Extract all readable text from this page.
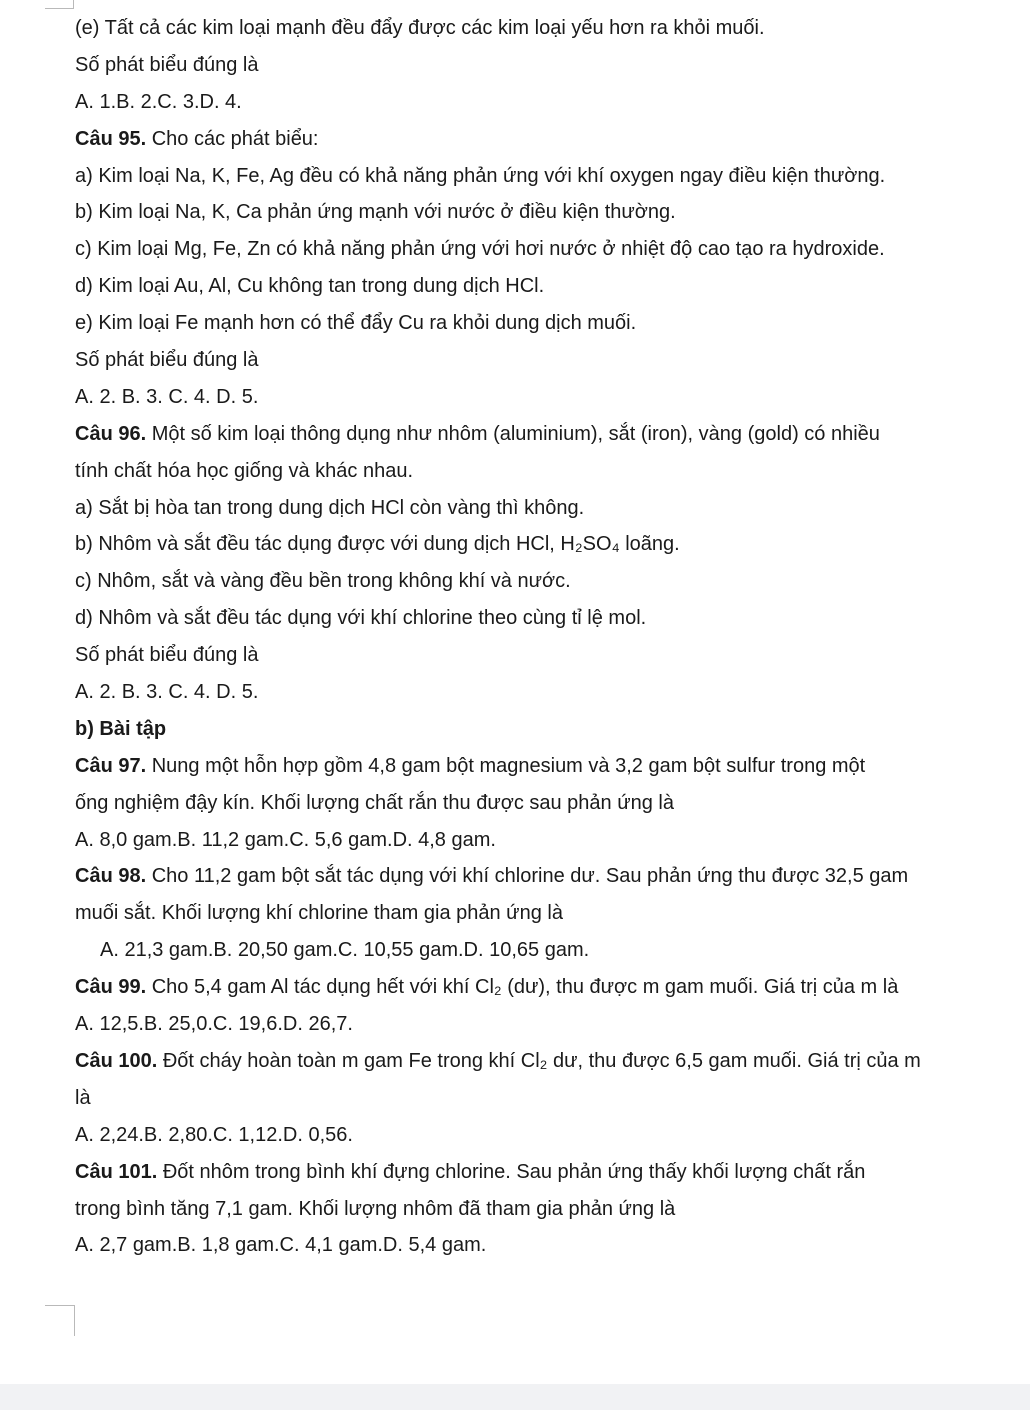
(e) Tất cả các kim loại mạnh đều đẩy được các kim loại yếu hơn ra khỏi muối.
Số phát biểu đúng là
A. 1.B. 2.C. 3.D. 4.
Câu 95. Cho các phát biểu:
a) Kim loại Na, K, Fe, Ag đều có khả năng phản ứng với khí oxygen ngay điều kiện thường.
b) Kim loại Na, K, Ca phản ứng mạnh với nước ở điều kiện thường.
c) Kim loại Mg, Fe, Zn có khả năng phản ứng với hơi nước ở nhiệt độ cao tạo ra hydroxide.
d) Kim loại Au, Al, Cu không tan trong dung dịch HCl.
e) Kim loại Fe mạnh hơn có thể đẩy Cu ra khỏi dung dịch muối.
Số phát biểu đúng là
A. 2. B. 3. C. 4. D. 5.
Câu 96. Một số kim loại thông dụng như nhôm (aluminium), sắt (iron), vàng (gold) có nhiều
tính chất hóa học giống và khác nhau.
a) Sắt bị hòa tan trong dung dịch HCl còn vàng thì không.
b) Nhôm và sắt đều tác dụng được với dung dịch HCl, H₂SO₄ loãng.
c) Nhôm, sắt và vàng đều bền trong không khí và nước.
d) Nhôm và sắt đều tác dụng với khí chlorine theo cùng tỉ lệ mol.
Số phát biểu đúng là
A. 2. B. 3. C. 4. D. 5.
b) Bài tập
Câu 97. Nung một hỗn hợp gồm 4,8 gam bột magnesium và 3,2 gam bột sulfur trong một
ống nghiệm đậy kín. Khối lượng chất rắn thu được sau phản ứng là
A. 8,0 gam.B. 11,2 gam.C. 5,6 gam.D. 4,8 gam.
Câu 98. Cho 11,2 gam bột sắt tác dụng với khí chlorine dư. Sau phản ứng thu được 32,5 gam
muối sắt. Khối lượng khí chlorine tham gia phản ứng là
A. 21,3 gam.B. 20,50 gam.C. 10,55 gam.D. 10,65 gam.
Câu 99. Cho 5,4 gam Al tác dụng hết với khí Cl₂ (dư), thu được m gam muối. Giá trị của m là
A. 12,5.B. 25,0.C. 19,6.D. 26,7.
Câu 100. Đốt cháy hoàn toàn m gam Fe trong khí Cl₂ dư, thu được 6,5 gam muối. Giá trị của m
là
A. 2,24.B. 2,80.C. 1,12.D. 0,56.
Câu 101. Đốt nhôm trong bình khí đựng chlorine. Sau phản ứng thấy khối lượng chất rắn
trong bình tăng 7,1 gam. Khối lượng nhôm đã tham gia phản ứng là
A. 2,7 gam.B. 1,8 gam.C. 4,1 gam.D. 5,4 gam.
